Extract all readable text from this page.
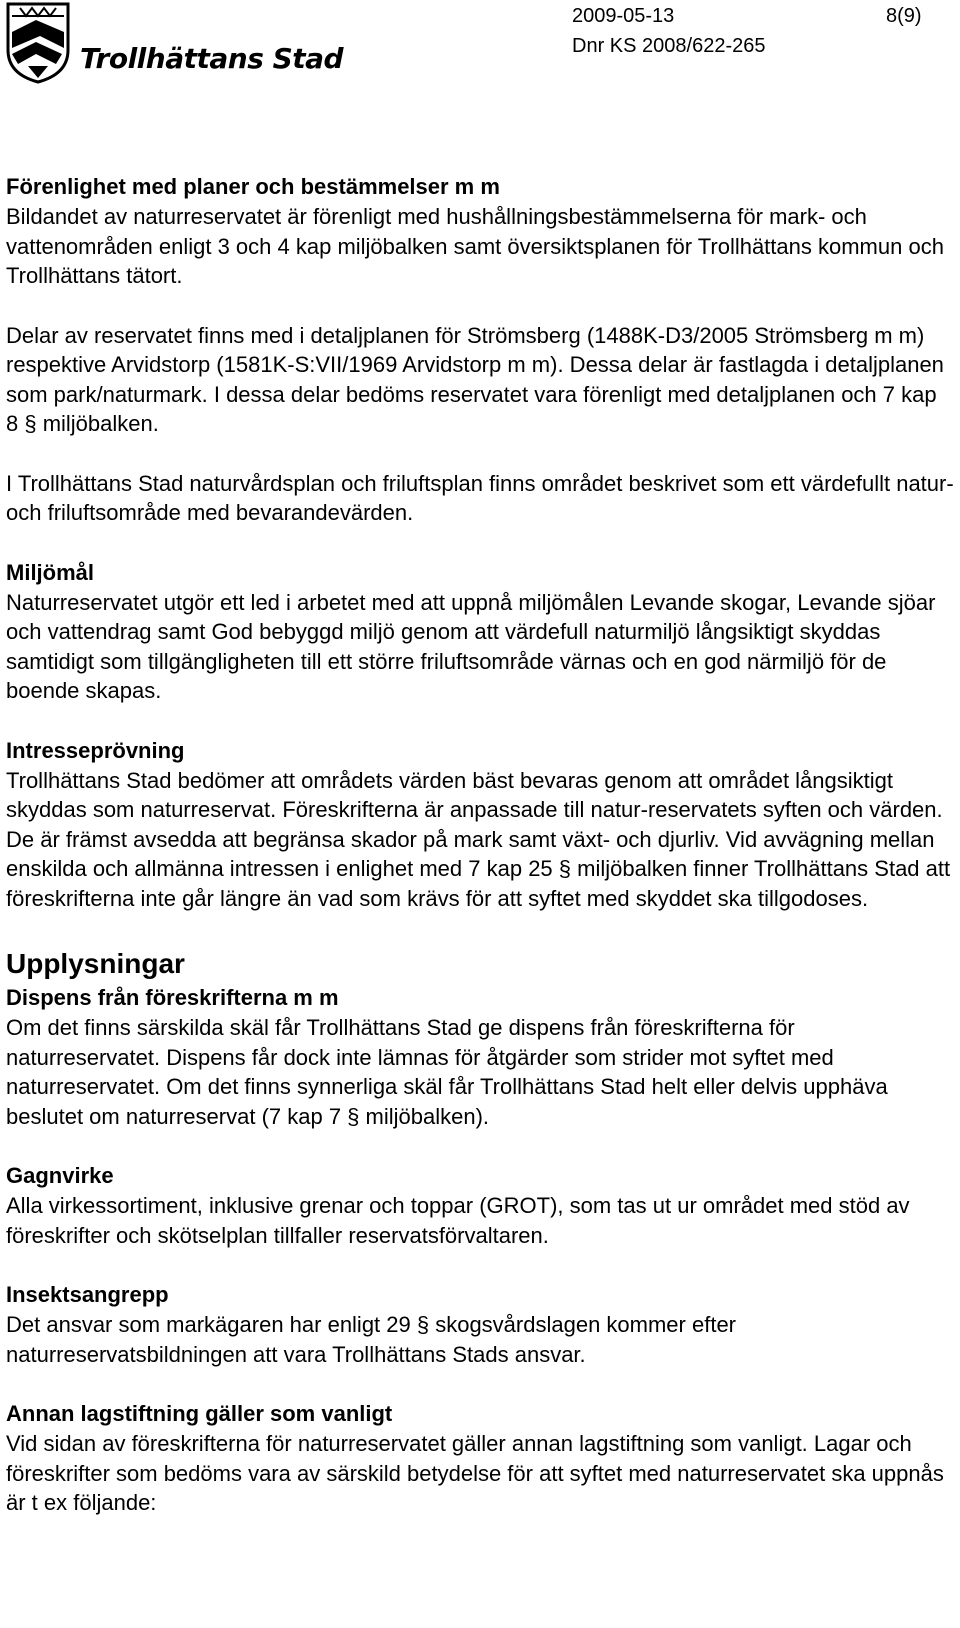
Trollhättans Stad
2009-05-13	8(9)
Dnr KS 2008/622-265
Förenlighet med planer och bestämmelser m m

Bildandet av naturreservatet är förenligt med hushållningsbestämmelserna för mark- och vattenområden enligt 3 och 4 kap miljöbalken samt översiktsplanen för Trollhättans kommun och Trollhättans tätort.

Delar av reservatet finns med i detaljplanen för Strömsberg (1488K-D3/2005 Strömsberg m m) respektive Arvidstorp (1581K-S:VII/1969 Arvidstorp m m). Dessa delar är fastlagda i detaljplanen som park/naturmark. I dessa delar bedöms reservatet vara förenligt med detaljplanen och 7 kap 8 § miljöbalken.

I Trollhättans Stad naturvårdsplan och friluftsplan finns området beskrivet som ett värdefullt natur- och friluftsområde med bevarandevärden.

Miljömål

Naturreservatet utgör ett led i arbetet med att uppnå miljömålen Levande skogar, Levande sjöar och vattendrag samt God bebyggd miljö genom att värdefull naturmiljö långsiktigt skyddas samtidigt som tillgängligheten till ett större friluftsområde värnas och en god närmiljö för de boende skapas.

Intresseprövning

Trollhättans Stad bedömer att områdets värden bäst bevaras genom att området långsiktigt skyddas som naturreservat. Föreskrifterna är anpassade till natur-reservatets syften och värden. De är främst avsedda att begränsa skador på mark samt växt- och djurliv. Vid avvägning mellan enskilda och allmänna intressen i enlighet med 7 kap 25 § miljöbalken finner Trollhättans Stad att föreskrifterna inte går längre än vad som krävs för att syftet med skyddet ska tillgodoses.

Upplysningar
Dispens från föreskrifterna m m

Om det finns särskilda skäl får Trollhättans Stad ge dispens från föreskrifterna för naturreservatet. Dispens får dock inte lämnas för åtgärder som strider mot syftet med naturreservatet. Om det finns synnerliga skäl får Trollhättans Stad helt eller delvis upphäva beslutet om naturreservat (7 kap 7 § miljöbalken).

Gagnvirke

Alla virkessortiment, inklusive grenar och toppar (GROT), som tas ut ur området med stöd av föreskrifter och skötselplan tillfaller reservatsförvaltaren.

Insektsangrepp

Det ansvar som markägaren har enligt 29 § skogsvårdslagen kommer efter naturreservatsbildningen att vara Trollhättans Stads ansvar.

Annan lagstiftning gäller som vanligt

Vid sidan av föreskrifterna för naturreservatet gäller annan lagstiftning som vanligt. Lagar och föreskrifter som bedöms vara av särskild betydelse för att syftet med naturreservatet ska uppnås är t ex följande:
